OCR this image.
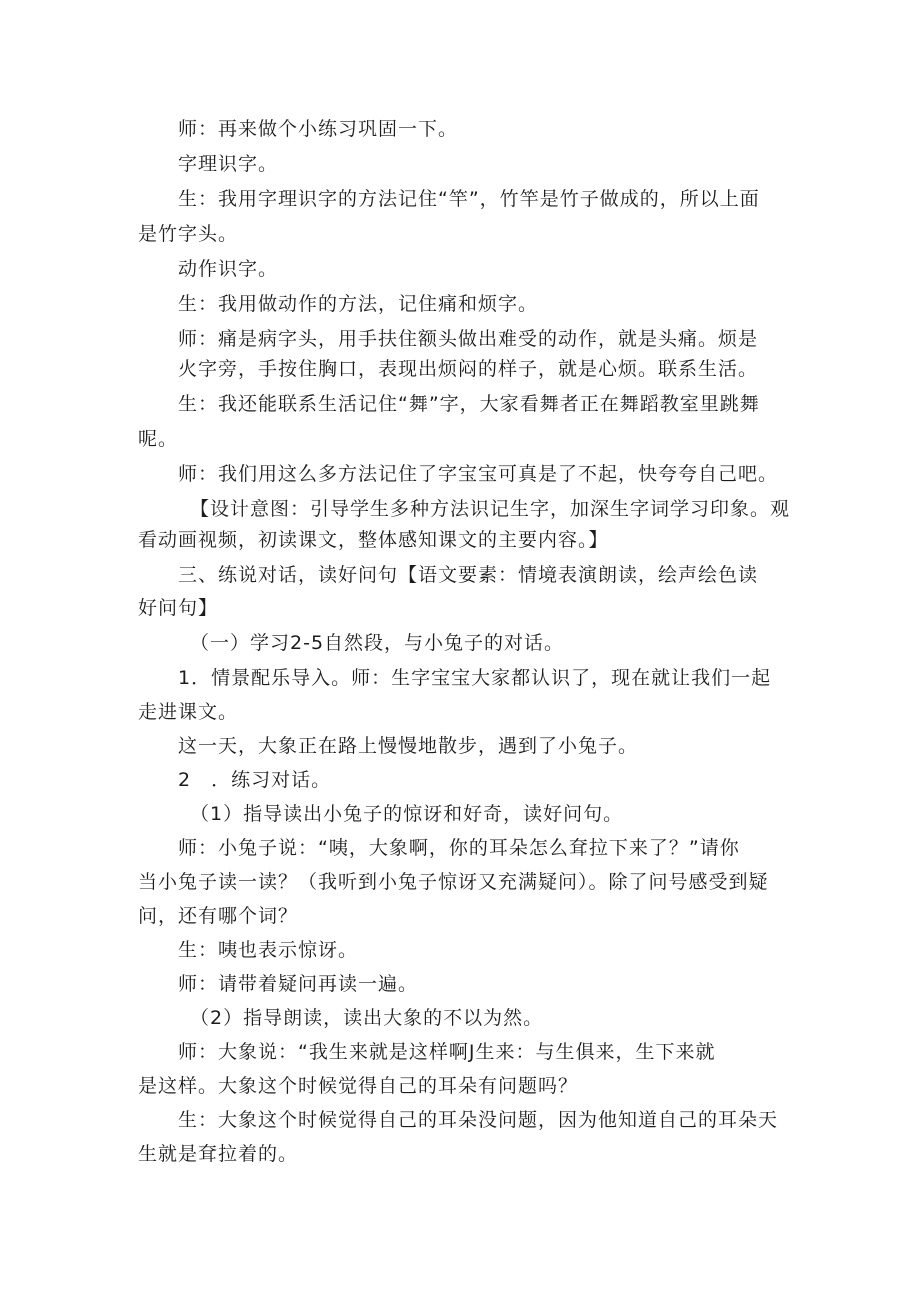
师：再来做个小练习巩固一下。
字理识字。
生：我用字理识字的方法记住“竿”，竹竿是竹子做成的，所以上面
是竹字头。
动作识字。
生：我用做动作的方法，记住痛和烦字。
师：痛是病字头，用手扶住额头做出难受的动作，就是头痛。烦是
火字旁，手按住胸口，表现出烦闷的样子，就是心烦。联系生活。
生：我还能联系生活记住“舞”字，大家看舞者正在舞蹈教室里跳舞
呢。
师：我们用这么多方法记住了字宝宝可真是了不起，快夸夸自己吧。
【设计意图：引导学生多种方法识记生字，加深生字词学习印象。观
看动画视频，初读课文，整体感知课文的主要内容。】
三、练说对话，读好问句【语文要素：情境表演朗读，绘声绘色读
好问句】
（一）学习2-5自然段，与小兔子的对话。
1．情景配乐导入。师：生字宝宝大家都认识了，现在就让我们一起
走进课文。
这一天，大象正在路上慢慢地散步，遇到了小兔子。
2　．练习对话。
（1）指导读出小兔子的惊讶和好奇，读好问句。
师：小兔子说：“咦，大象啊，你的耳朵怎么耷拉下来了？”请你
当小兔子读一读？（我听到小兔子惊讶又充满疑问）。除了问号感受到疑
问，还有哪个词？
生：咦也表示惊讶。
师：请带着疑问再读一遍。
（2）指导朗读，读出大象的不以为然。
师：大象说：“我生来就是这样啊J生来：与生俱来，生下来就
是这样。大象这个时候觉得自己的耳朵有问题吗？
生：大象这个时候觉得自己的耳朵没问题，因为他知道自己的耳朵天
生就是耷拉着的。
